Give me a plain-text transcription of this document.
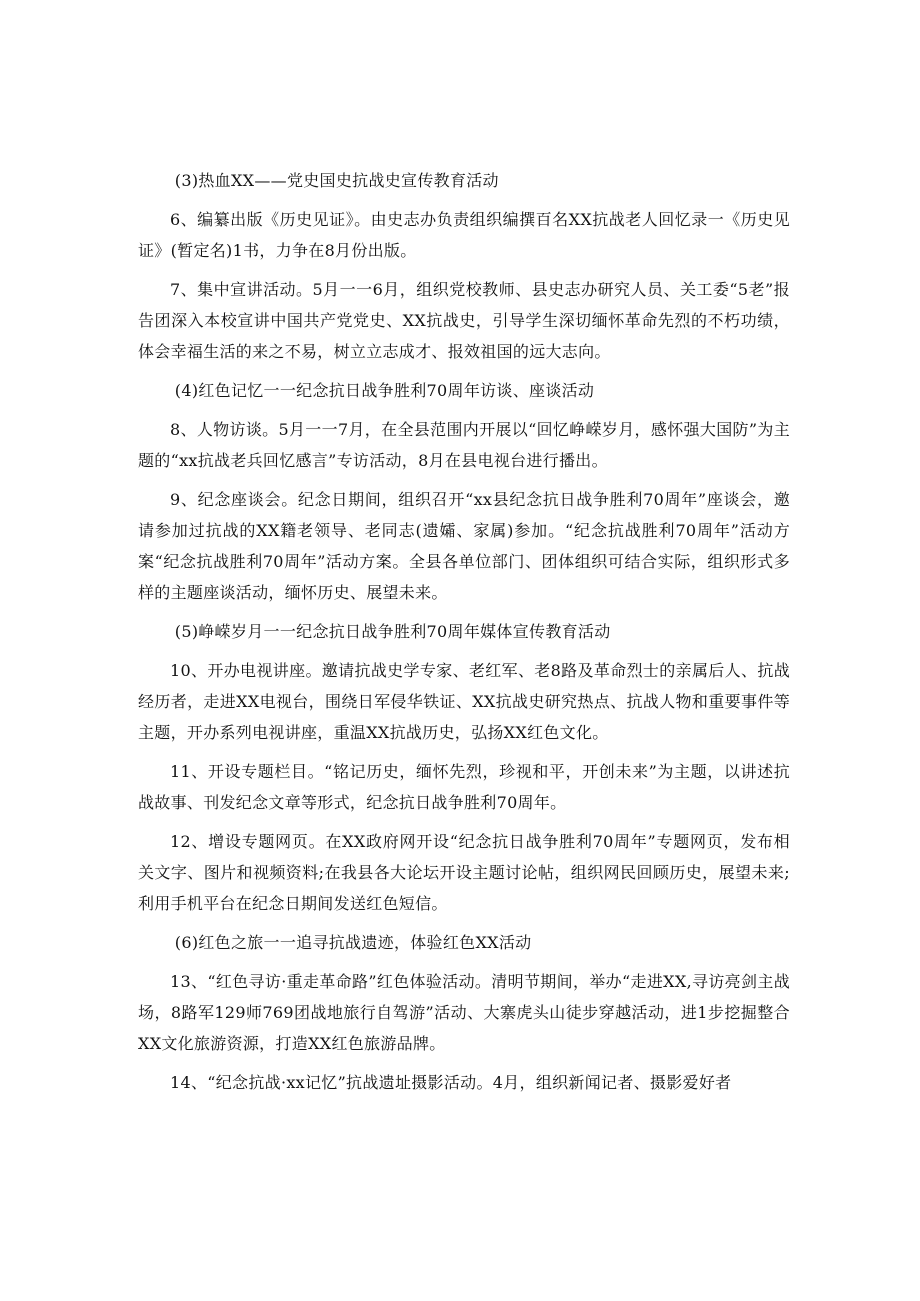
(3)热血XX——党史国史抗战史宣传教育活动

6、编纂出版《历史见证》。由史志办负责组织编撰百名XX抗战老人回忆录一《历史见证》(暂定名)1书，力争在8月份出版。

7、集中宣讲活动。5月一一6月，组织党校教师、县史志办研究人员、关工委“5老”报告团深入本校宣讲中国共产党党史、XX抗战史，引导学生深切缅怀革命先烈的不朽功绩，体会幸福生活的来之不易，树立立志成才、报效祖国的远大志向。

(4)红色记忆一一纪念抗日战争胜利70周年访谈、座谈活动

8、人物访谈。5月一一7月，在全县范围内开展以“回忆峥嵘岁月，感怀强大国防”为主题的“xx抗战老兵回忆感言”专访活动，8月在县电视台进行播出。

9、纪念座谈会。纪念日期间，组织召开“xx县纪念抗日战争胜利70周年”座谈会，邀请参加过抗战的XX籍老领导、老同志(遗孀、家属)参加。“纪念抗战胜利70周年”活动方案“纪念抗战胜利70周年”活动方案。全县各单位部门、团体组织可结合实际，组织形式多样的主题座谈活动，缅怀历史、展望未来。

(5)峥嵘岁月一一纪念抗日战争胜利70周年媒体宣传教育活动

10、开办电视讲座。邀请抗战史学专家、老红军、老8路及革命烈士的亲属后人、抗战经历者，走进XX电视台，围绕日军侵华铁证、XX抗战史研究热点、抗战人物和重要事件等主题，开办系列电视讲座，重温XX抗战历史，弘扬XX红色文化。

11、开设专题栏目。“铭记历史，缅怀先烈，珍视和平，开创未来”为主题，以讲述抗战故事、刊发纪念文章等形式，纪念抗日战争胜利70周年。

12、增设专题网页。在XX政府网开设“纪念抗日战争胜利70周年”专题网页，发布相关文字、图片和视频资料;在我县各大论坛开设主题讨论帖，组织网民回顾历史，展望未来;利用手机平台在纪念日期间发送红色短信。

(6)红色之旅一一追寻抗战遗迹，体验红色XX活动

13、“红色寻访·重走革命路”红色体验活动。清明节期间，举办“走进XX,寻访亮剑主战场，8路军129师769团战地旅行自驾游”活动、大寨虎头山徒步穿越活动，进1步挖掘整合XX文化旅游资源，打造XX红色旅游品牌。

14、“纪念抗战·xx记忆”抗战遗址摄影活动。4月，组织新闻记者、摄影爱好者
